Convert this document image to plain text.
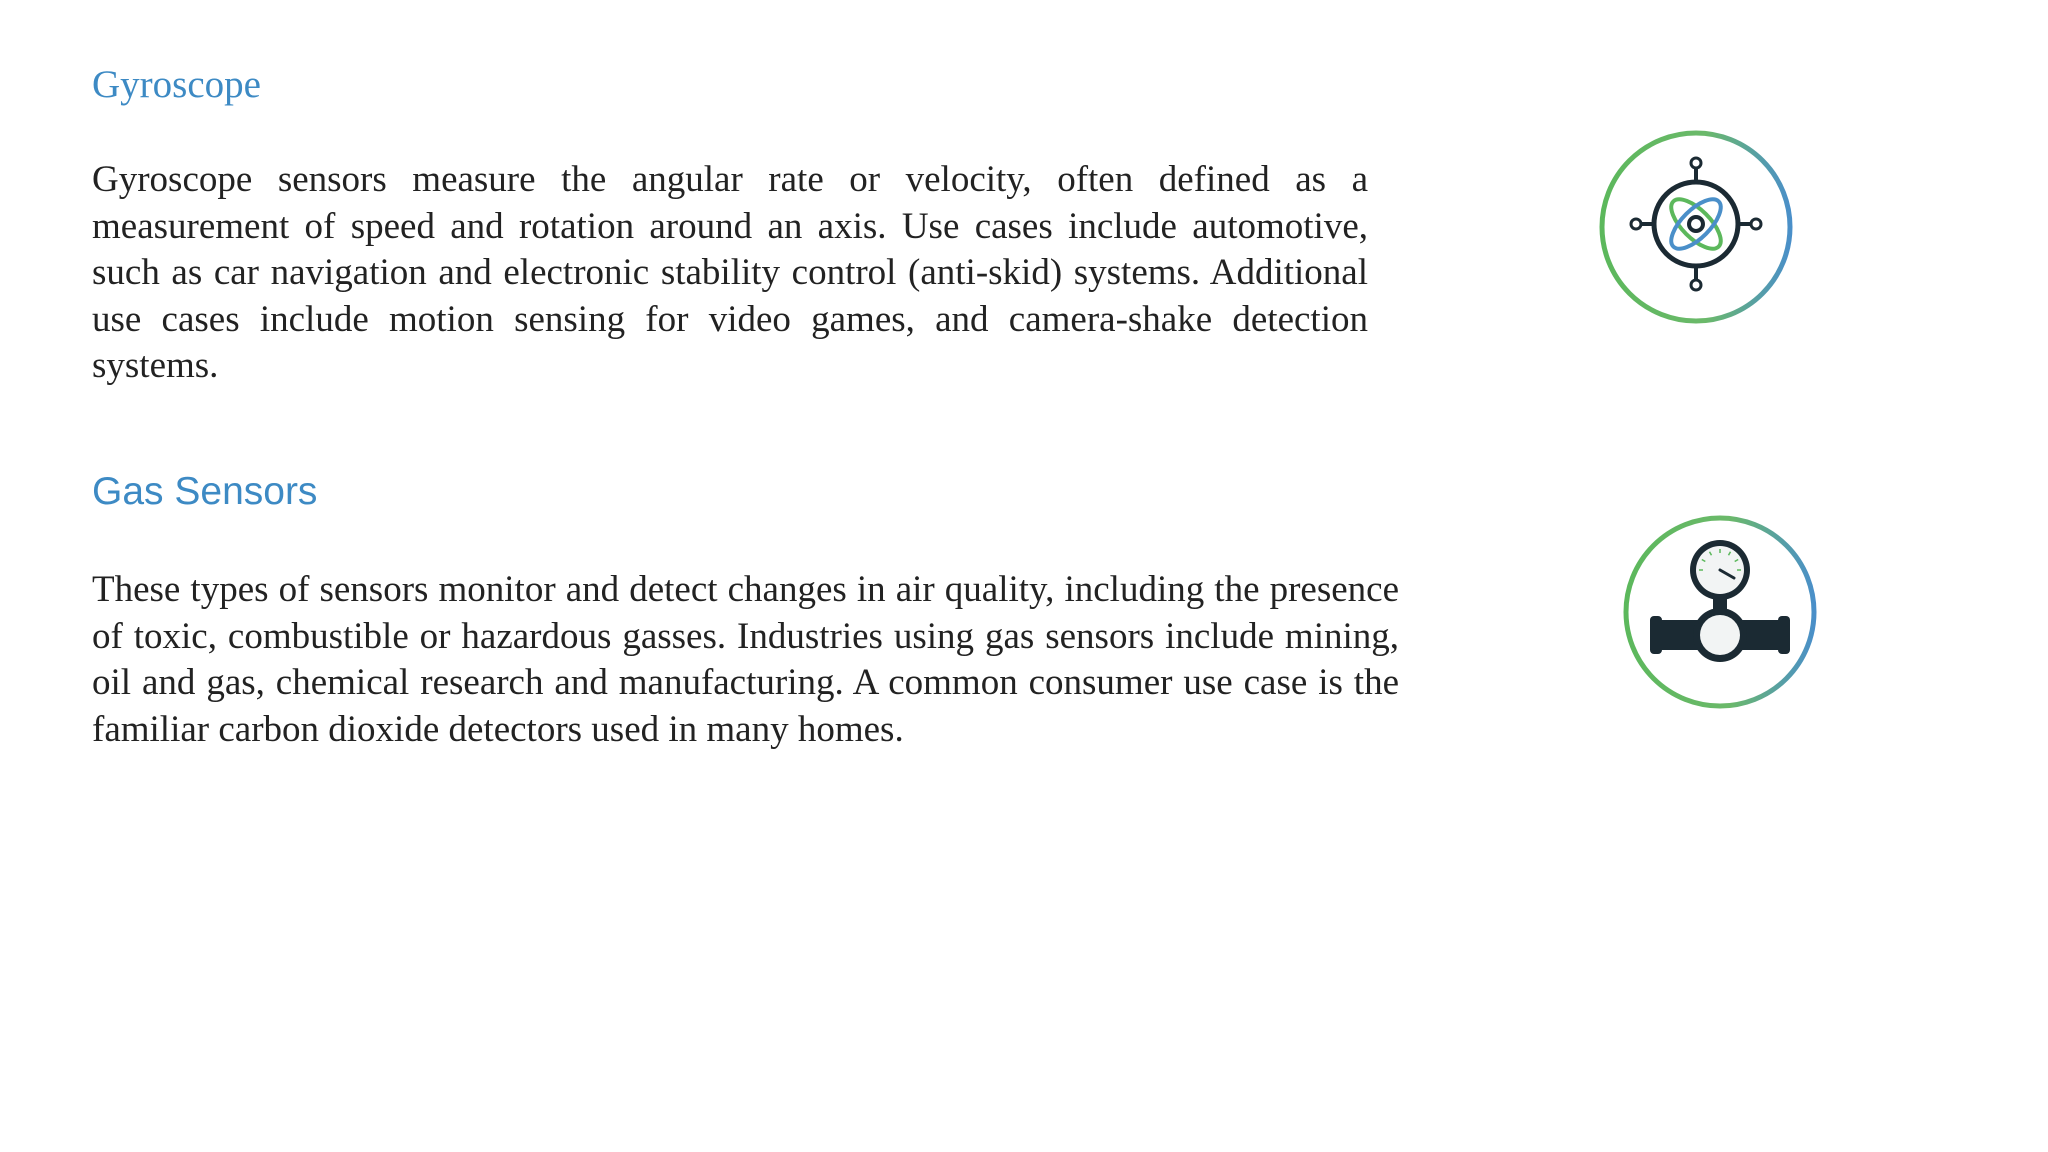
Gyroscope

Gyroscope sensors measure the angular rate or velocity, often defined as a measurement of speed and rotation around an axis. Use cases include automotive, such as car navigation and electronic stability control (anti-skid) systems. Additional use cases include motion sensing for video games, and camera-shake detection systems.

Gas Sensors

These types of sensors monitor and detect changes in air quality, including the presence of toxic, combustible or hazardous gasses. Industries using gas sensors include mining, oil and gas, chemical research and manufacturing. A common consumer use case is the familiar carbon dioxide detectors used in many homes.
